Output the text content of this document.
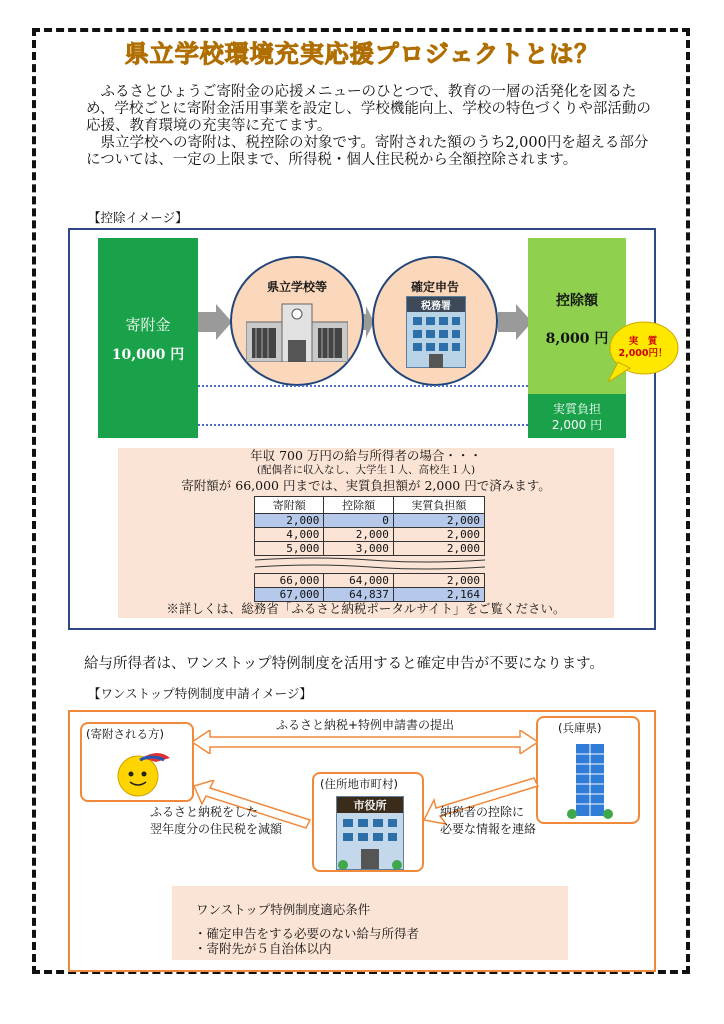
県立学校環境充実応援プロジェクトとは？

ふるさとひょうご寄附金の応援メニューのひとつで、教育の一層の活発化を図るため、学校ごとに寄附金活用事業を設定し、学校機能向上、学校の特色づくりや部活動の応援、教育環境の充実等に充てます。

県立学校への寄附は、税控除の対象です。寄附された額のうち2,000円を超える部分については、一定の上限まで、所得税・個人住民税から全額控除されます。

【控除イメージ】
寄附金
10,000 円
県立学校等	確定申告
税務署	控除額
8,000 円
実質負担
2,000 円
実　質
2,000円！
年収 700 万円の給与所得者の場合・・・
(配偶者に収入なし、大学生１人、高校生１人)
寄附額が 66,000 円までは、実質負担額が 2,000 円で済みます。
寄附額	控除額	実質負担額
2,000	0	2,000
4,000	2,000	2,000
5,000	3,000	2,000

66,000	64,000	2,000
67,000	64,837	2,164
※詳しくは、総務省「ふるさと納税ポータルサイト」をご覧ください。
給与所得者は、ワンストップ特例制度を活用すると確定申告が不要になります。
【ワンストップ特例制度申請イメージ】
(寄附される方)	(兵庫県)
(住所地市町村)
市役所
ふるさと納税+特例申請書の提出
ふるさと納税をした
翌年度分の住民税を減額
納税者の控除に
必要な情報を連絡
ワンストップ特例制度適応条件
・確定申告をする必要のない給与所得者
・寄附先が５自治体以内
